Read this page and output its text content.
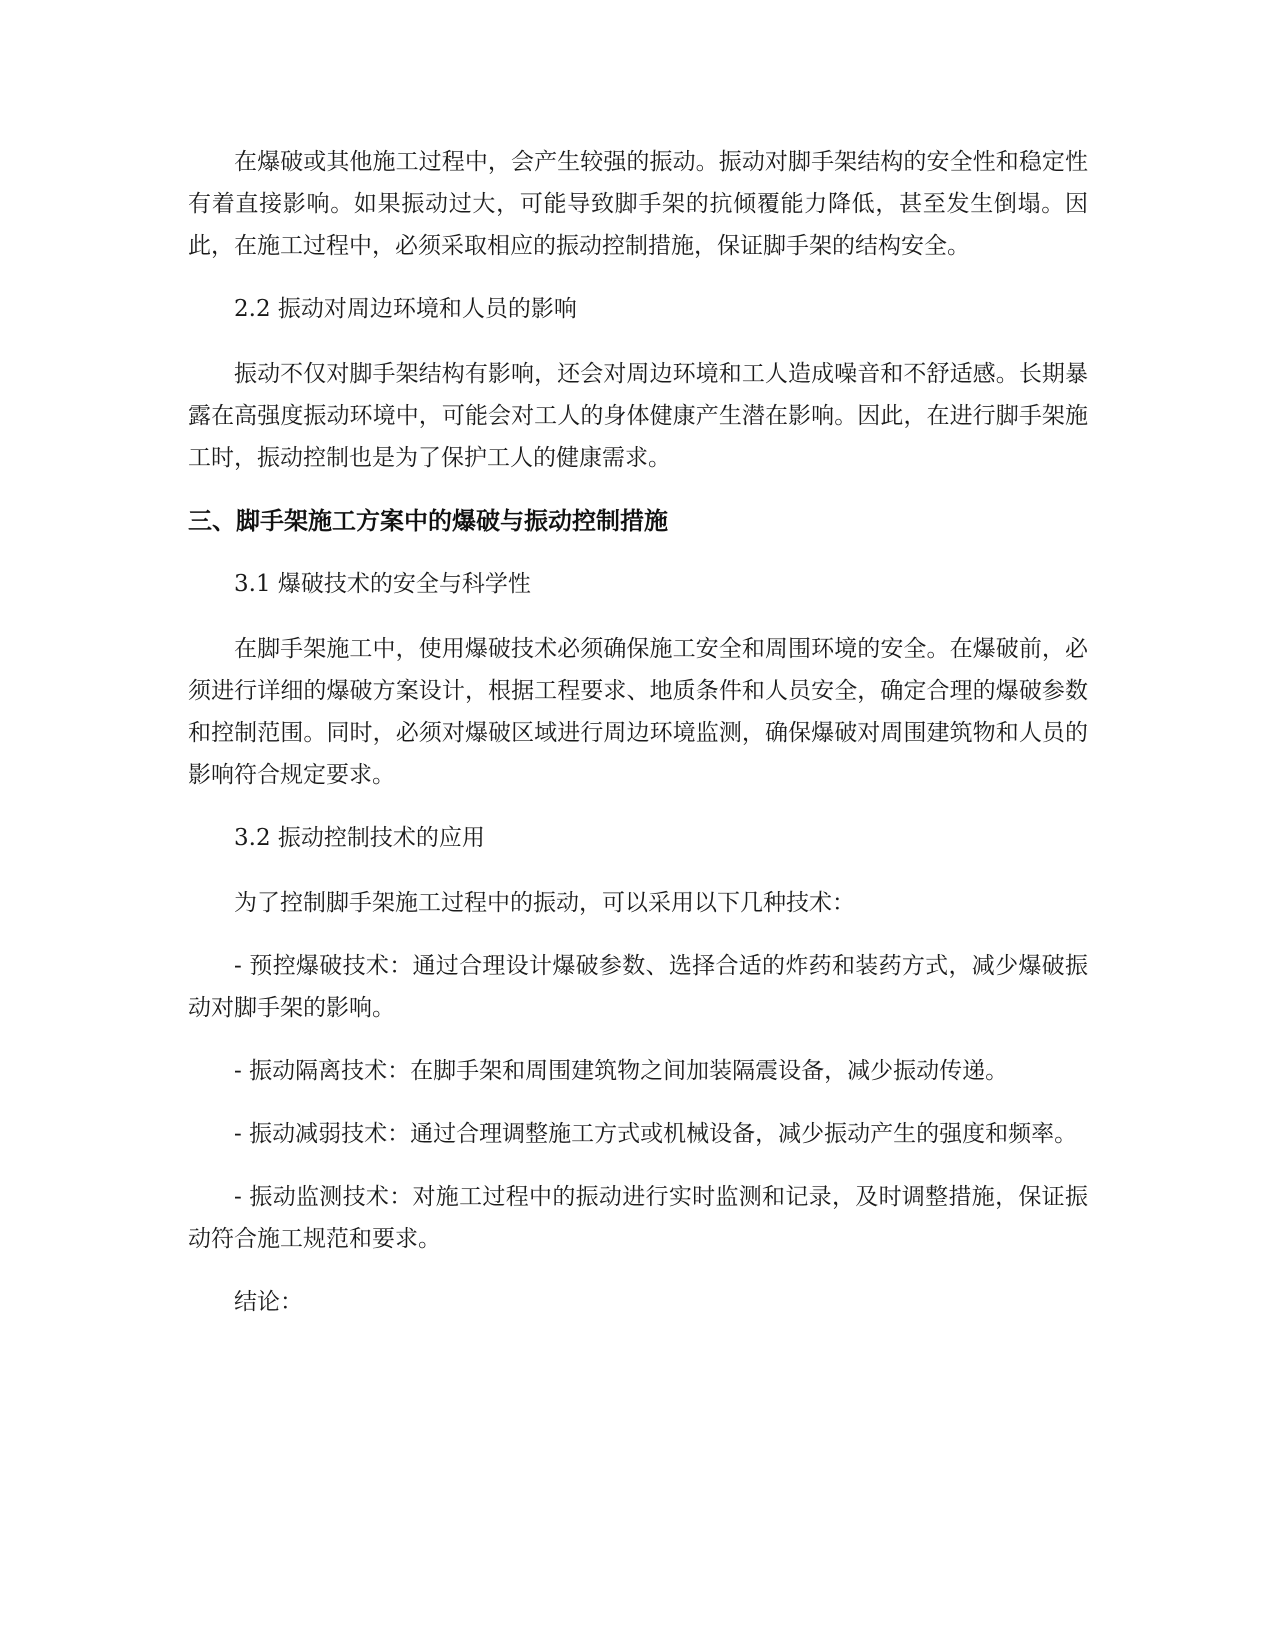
在爆破或其他施工过程中，会产生较强的振动。振动对脚手架结构的安全性和稳定性有着直接影响。如果振动过大，可能导致脚手架的抗倾覆能力降低，甚至发生倒塌。因此，在施工过程中，必须采取相应的振动控制措施，保证脚手架的结构安全。

2.2 振动对周边环境和人员的影响

振动不仅对脚手架结构有影响，还会对周边环境和工人造成噪音和不舒适感。长期暴露在高强度振动环境中，可能会对工人的身体健康产生潜在影响。因此，在进行脚手架施工时，振动控制也是为了保护工人的健康需求。

三、脚手架施工方案中的爆破与振动控制措施

3.1 爆破技术的安全与科学性

在脚手架施工中，使用爆破技术必须确保施工安全和周围环境的安全。在爆破前，必须进行详细的爆破方案设计，根据工程要求、地质条件和人员安全，确定合理的爆破参数和控制范围。同时，必须对爆破区域进行周边环境监测，确保爆破对周围建筑物和人员的影响符合规定要求。

3.2 振动控制技术的应用

为了控制脚手架施工过程中的振动，可以采用以下几种技术：

- 预控爆破技术：通过合理设计爆破参数、选择合适的炸药和装药方式，减少爆破振动对脚手架的影响。

- 振动隔离技术：在脚手架和周围建筑物之间加装隔震设备，减少振动传递。

- 振动减弱技术：通过合理调整施工方式或机械设备，减少振动产生的强度和频率。

- 振动监测技术：对施工过程中的振动进行实时监测和记录，及时调整措施，保证振动符合施工规范和要求。

结论：
